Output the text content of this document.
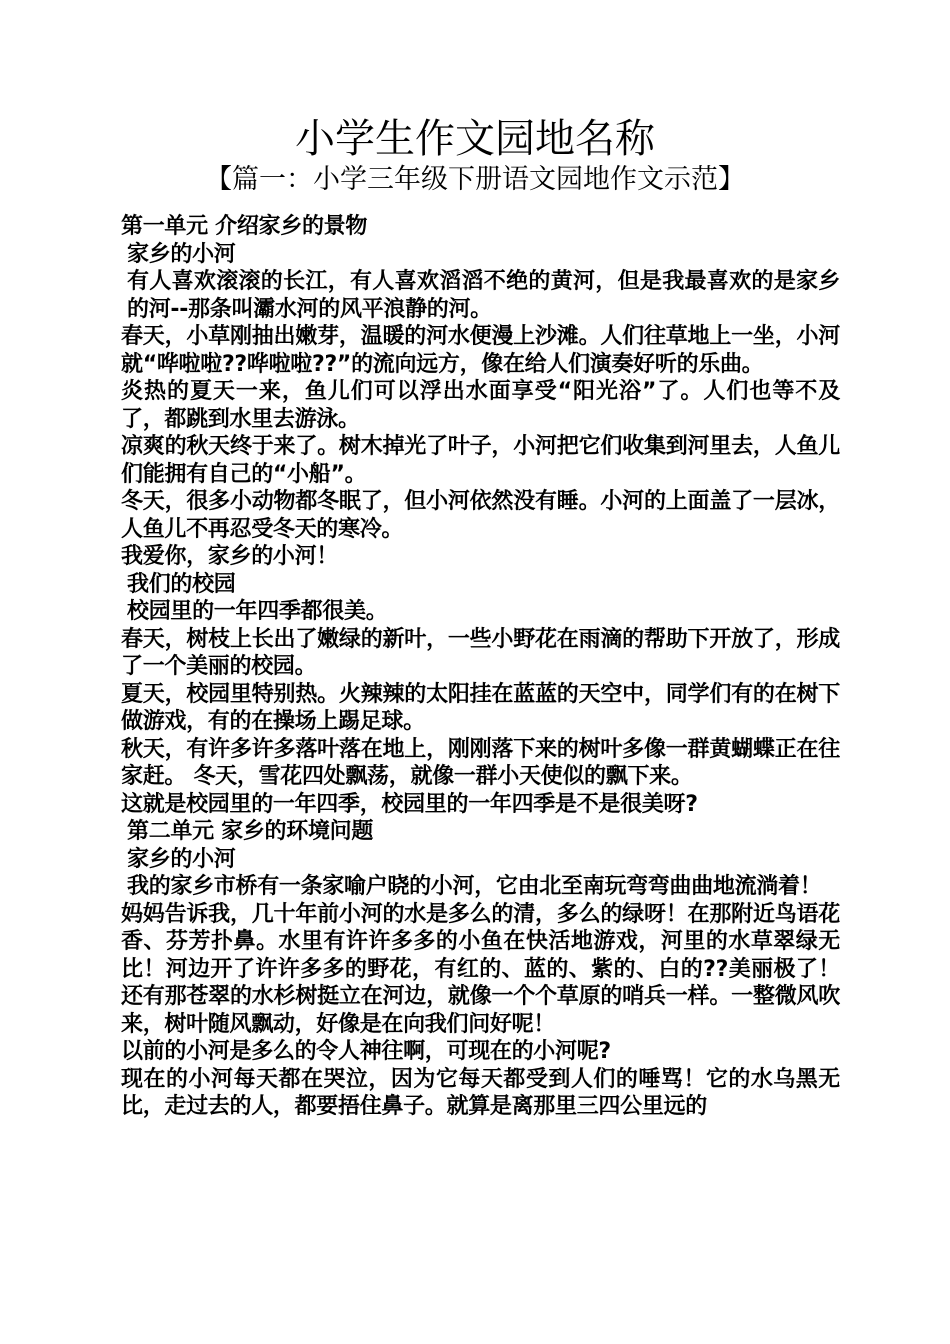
小学生作文园地名称
【篇一：小学三年级下册语文园地作文示范】

第一单元 介绍家乡的景物

家乡的小河

有人喜欢滚滚的长江，有人喜欢滔滔不绝的黄河，但是我最喜欢的是家乡的河--那条叫灞水河的风平浪静的河。

春天，小草刚抽出嫩芽，温暖的河水便漫上沙滩。人们往草地上一坐，小河就“哗啦啦??哗啦啦??”的流向远方，像在给人们演奏好听的乐曲。

炎热的夏天一来，鱼儿们可以浮出水面享受“阳光浴”了。人们也等不及了，都跳到水里去游泳。

凉爽的秋天终于来了。树木掉光了叶子，小河把它们收集到河里去，人鱼儿们能拥有自己的“小船”。

冬天，很多小动物都冬眠了，但小河依然没有睡。小河的上面盖了一层冰，人鱼儿不再忍受冬天的寒冷。

我爱你，家乡的小河！

我们的校园

校园里的一年四季都很美。

春天，树枝上长出了嫩绿的新叶，一些小野花在雨滴的帮助下开放了，形成了一个美丽的校园。

夏天，校园里特别热。火辣辣的太阳挂在蓝蓝的天空中，同学们有的在树下做游戏，有的在操场上踢足球。

秋天，有许多许多落叶落在地上，刚刚落下来的树叶多像一群黄蝴蝶正在往家赶。 冬天，雪花四处飘荡，就像一群小天使似的飘下来。

这就是校园里的一年四季，校园里的一年四季是不是很美呀?

第二单元 家乡的环境问题

家乡的小河

我的家乡市桥有一条家喻户晓的小河，它由北至南玩弯弯曲曲地流淌着！

妈妈告诉我，几十年前小河的水是多么的清，多么的绿呀！在那附近鸟语花香、芬芳扑鼻。水里有许许多多的小鱼在快活地游戏，河里的水草翠绿无比！河边开了许许多多的野花，有红的、蓝的、紫的、白的??美丽极了！还有那苍翠的水杉树挺立在河边，就像一个个草原的哨兵一样。一整微风吹来，树叶随风飘动，好像是在向我们问好呢！

以前的小河是多么的令人神往啊，可现在的小河呢?

现在的小河每天都在哭泣，因为它每天都受到人们的唾骂！它的水乌黑无比，走过去的人，都要捂住鼻子。就算是离那里三四公里远的
